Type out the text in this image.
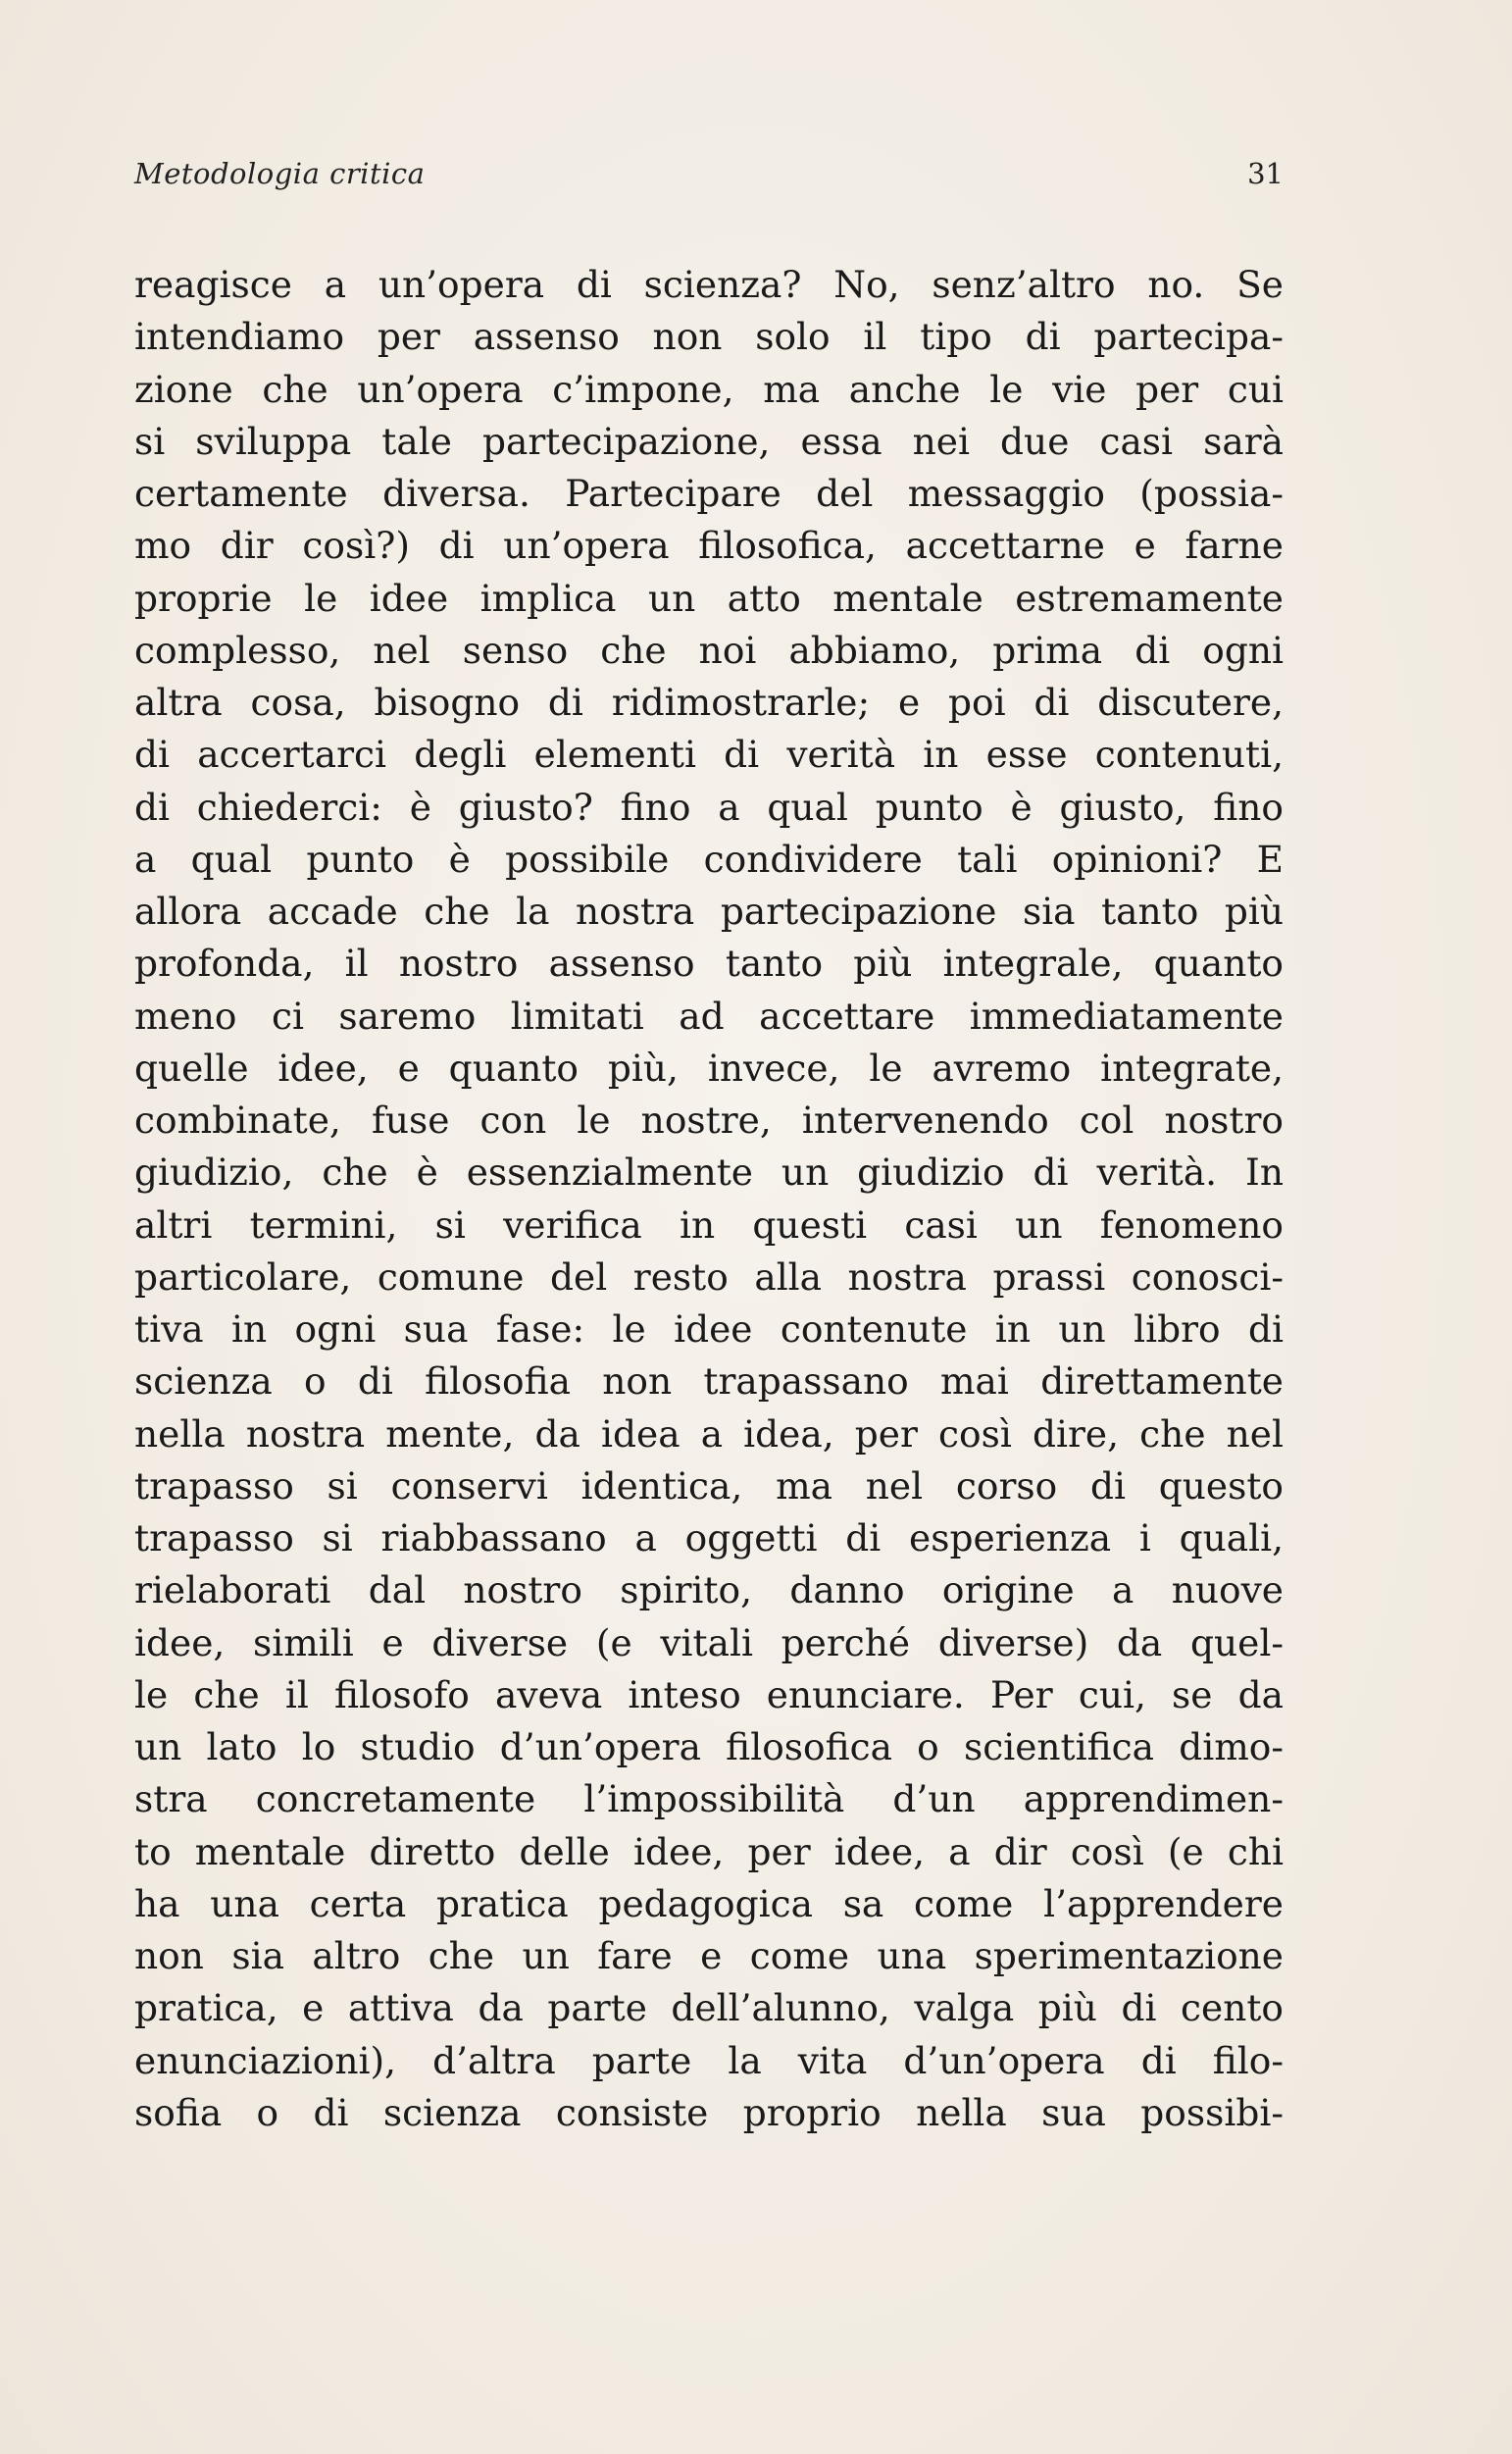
Metodologia critica	31
reagisce a un’opera di scienza? No, senz’altro no. Se
intendiamo per assenso non solo il tipo di partecipa-
zione che un’opera c’impone, ma anche le vie per cui
si sviluppa tale partecipazione, essa nei due casi sarà
certamente diversa. Partecipare del messaggio (possia-
mo dir così?) di un’opera filosofica, accettarne e farne
proprie le idee implica un atto mentale estremamente
complesso, nel senso che noi abbiamo, prima di ogni
altra cosa, bisogno di ridimostrarle; e poi di discutere,
di accertarci degli elementi di verità in esse contenuti,
di chiederci: è giusto? fino a qual punto è giusto, fino
a qual punto è possibile condividere tali opinioni? E
allora accade che la nostra partecipazione sia tanto più
profonda, il nostro assenso tanto più integrale, quanto
meno ci saremo limitati ad accettare immediatamente
quelle idee, e quanto più, invece, le avremo integrate,
combinate, fuse con le nostre, intervenendo col nostro
giudizio, che è essenzialmente un giudizio di verità. In
altri termini, si verifica in questi casi un fenomeno
particolare, comune del resto alla nostra prassi conosci-
tiva in ogni sua fase: le idee contenute in un libro di
scienza o di filosofia non trapassano mai direttamente
nella nostra mente, da idea a idea, per così dire, che nel
trapasso si conservi identica, ma nel corso di questo
trapasso si riabbassano a oggetti di esperienza i quali,
rielaborati dal nostro spirito, danno origine a nuove
idee, simili e diverse (e vitali perché diverse) da quel-
le che il filosofo aveva inteso enunciare. Per cui, se da
un lato lo studio d’un’opera filosofica o scientifica dimo-
stra concretamente l’impossibilità d’un apprendimen-
to mentale diretto delle idee, per idee, a dir così (e chi
ha una certa pratica pedagogica sa come l’apprendere
non sia altro che un fare e come una sperimentazione
pratica, e attiva da parte dell’alunno, valga più di cento
enunciazioni), d’altra parte la vita d’un’opera di filo-
sofia o di scienza consiste proprio nella sua possibi-
